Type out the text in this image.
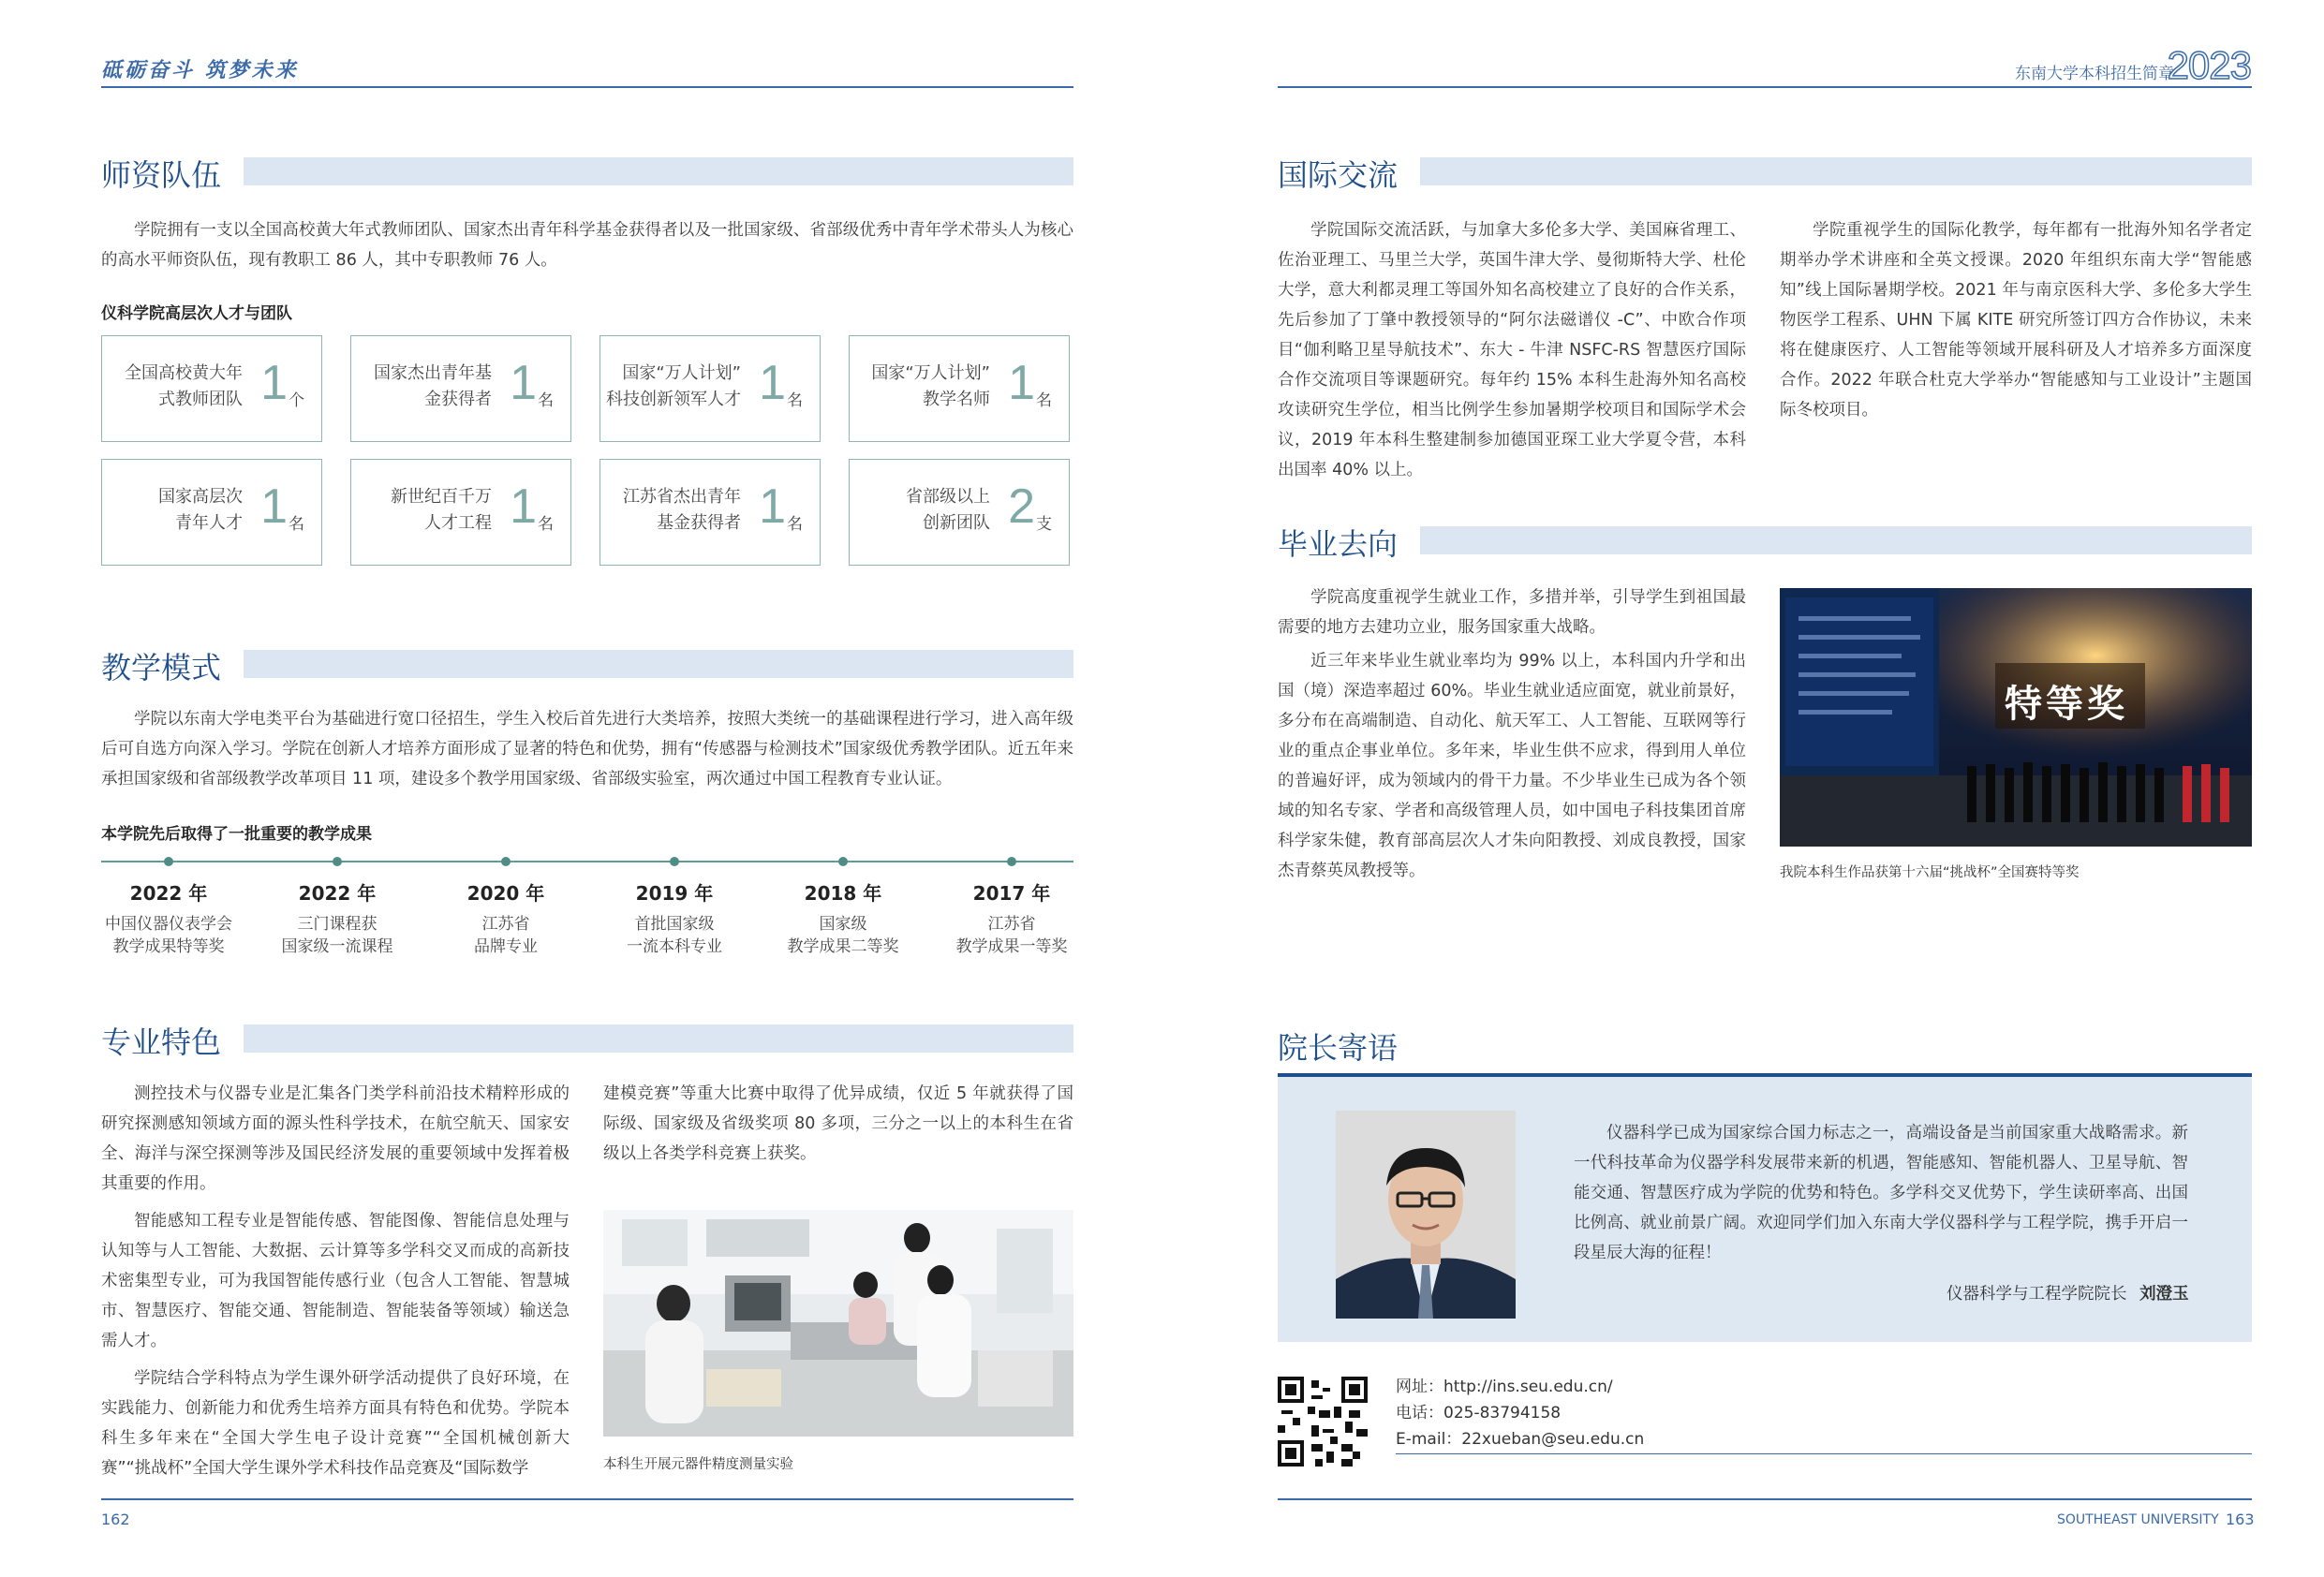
砥砺奋斗 筑梦未来	东南大学本科招生简章
2023
师资队伍
学院拥有一支以全国高校黄大年式教师团队、国家杰出青年科学基金获得者以及一批国家级、省部级优秀中青年学术带头人为核心的高水平师资队伍，现有教职工 86 人，其中专职教师 76 人。
仪科学院高层次人才与团队
全国高校黄大年
式教师团队 1 个
国家杰出青年基
金获得者 1 名
国家“万人计划”
科技创新领军人才 1 名
国家“万人计划”
教学名师 1 名
国家高层次
青年人才 1 名
新世纪百千万
人才工程 1 名
江苏省杰出青年
基金获得者 1 名
省部级以上
创新团队 2 支
教学模式
学院以东南大学电类平台为基础进行宽口径招生，学生入校后首先进行大类培养，按照大类统一的基础课程进行学习，进入高年级后可自选方向深入学习。学院在创新人才培养方面形成了显著的特色和优势，拥有“传感器与检测技术”国家级优秀教学团队。近五年来承担国家级和省部级教学改革项目 11 项，建设多个教学用国家级、省部级实验室，两次通过中国工程教育专业认证。
本学院先后取得了一批重要的教学成果
2022 年
中国仪器仪表学会
教学成果特等奖
2022 年
三门课程获
国家级一流课程
2020 年
江苏省
品牌专业
2019 年
首批国家级
一流本科专业
2018 年
国家级
教学成果二等奖
2017 年
江苏省
教学成果一等奖
专业特色
测控技术与仪器专业是汇集各门类学科前沿技术精粹形成的研究探测感知领域方面的源头性科学技术，在航空航天、国家安全、海洋与深空探测等涉及国民经济发展的重要领域中发挥着极其重要的作用。
智能感知工程专业是智能传感、智能图像、智能信息处理与认知等与人工智能、大数据、云计算等多学科交叉而成的高新技术密集型专业，可为我国智能传感行业（包含人工智能、智慧城市、智慧医疗、智能交通、智能制造、智能装备等领域）输送急需人才。
学院结合学科特点为学生课外研学活动提供了良好环境，在实践能力、创新能力和优秀生培养方面具有特色和优势。学院本科生多年来在“全国大学生电子设计竞赛”“全国机械创新大赛”“挑战杯”全国大学生课外学术科技作品竞赛及“国际数学
建模竞赛”等重大比赛中取得了优异成绩，仅近 5 年就获得了国际级、国家级及省级奖项 80 多项，三分之一以上的本科生在省级以上各类学科竞赛上获奖。
本科生开展元器件精度测量实验
国际交流
学院国际交流活跃，与加拿大多伦多大学、美国麻省理工、佐治亚理工、马里兰大学，英国牛津大学、曼彻斯特大学、杜伦大学，意大利都灵理工等国外知名高校建立了良好的合作关系，先后参加了丁肇中教授领导的“阿尔法磁谱仪 -C”、中欧合作项目“伽利略卫星导航技术”、东大 - 牛津 NSFC-RS 智慧医疗国际合作交流项目等课题研究。每年约 15% 本科生赴海外知名高校攻读研究生学位，相当比例学生参加暑期学校项目和国际学术会议，2019 年本科生整建制参加德国亚琛工业大学夏令营，本科出国率 40% 以上。
学院重视学生的国际化教学，每年都有一批海外知名学者定期举办学术讲座和全英文授课。2020 年组织东南大学“智能感知”线上国际暑期学校。2021 年与南京医科大学、多伦多大学生物医学工程系、UHN 下属 KITE 研究所签订四方合作协议，未来将在健康医疗、人工智能等领域开展科研及人才培养多方面深度合作。2022 年联合杜克大学举办“智能感知与工业设计”主题国际冬校项目。
毕业去向
学院高度重视学生就业工作，多措并举，引导学生到祖国最需要的地方去建功立业，服务国家重大战略。
近三年来毕业生就业率均为 99% 以上，本科国内升学和出国（境）深造率超过 60%。毕业生就业适应面宽，就业前景好，多分布在高端制造、自动化、航天军工、人工智能、互联网等行业的重点企事业单位。多年来，毕业生供不应求，得到用人单位的普遍好评，成为领域内的骨干力量。不少毕业生已成为各个领域的知名专家、学者和高级管理人员，如中国电子科技集团首席科学家朱健，教育部高层次人才朱向阳教授、刘成良教授，国家杰青蔡英凤教授等。
特等奖
我院本科生作品获第十六届“挑战杯”全国赛特等奖
院长寄语
仪器科学已成为国家综合国力标志之一，高端设备是当前国家重大战略需求。新一代科技革命为仪器学科发展带来新的机遇，智能感知、智能机器人、卫星导航、智能交通、智慧医疗成为学院的优势和特色。多学科交叉优势下，学生读研率高、出国比例高、就业前景广阔。欢迎同学们加入东南大学仪器科学与工程学院，携手开启一段星辰大海的征程！
仪器科学与工程学院院长 刘澄玉
网址：http://ins.seu.edu.cn/
电话：025-83794158
E-mail：22xueban@seu.edu.cn
162	SOUTHEAST UNIVERSITY 163
